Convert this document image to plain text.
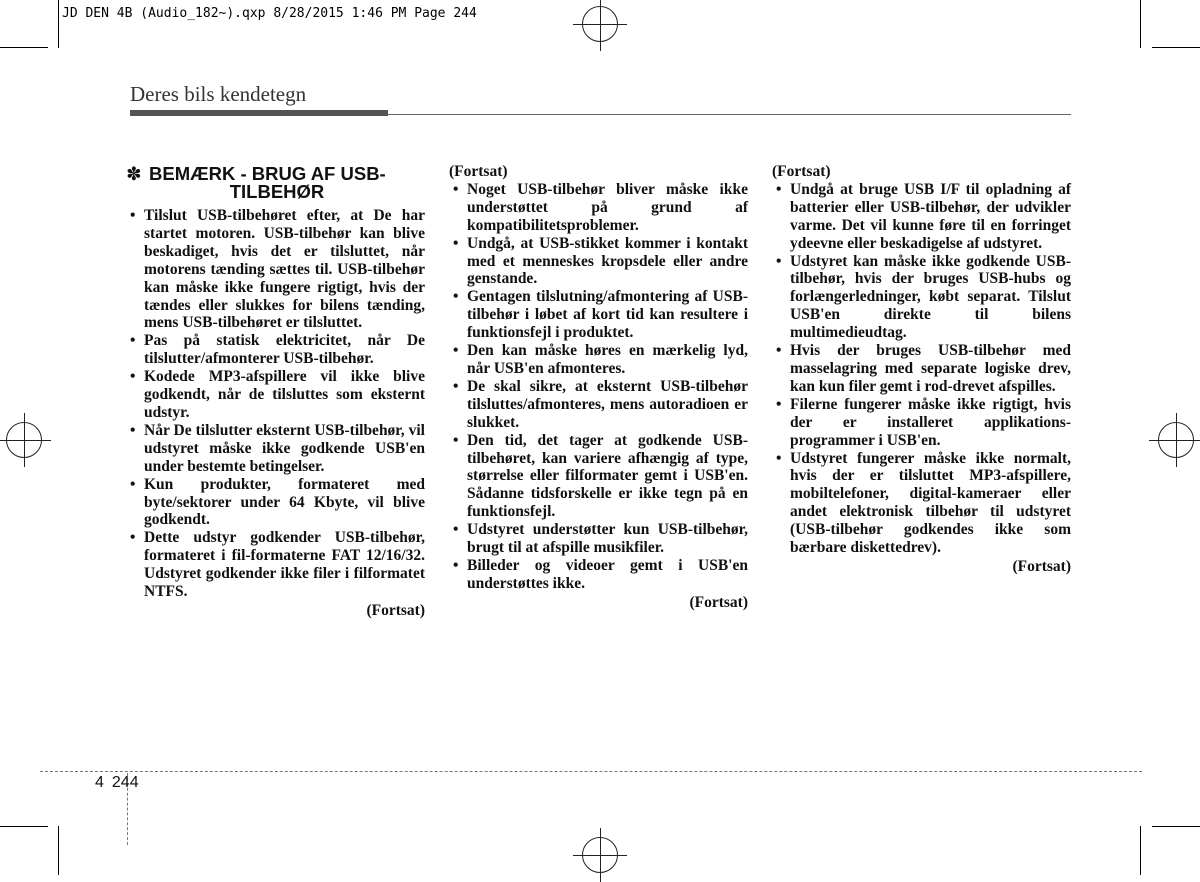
JD DEN 4B (Audio_182~).qxp 8/28/2015 1:46 PM Page 244
Deres bils kendetegn
✽ BEMÆRK - BRUG AF USB-
TILBEHØR
• Tilslut USB-tilbehøret efter, at De har startet motoren. USB-tilbehør kan blive beskadiget, hvis det er tilsluttet, når motorens tænding sættes til. USB-tilbehør kan måske ikke fungere rigtigt, hvis der tændes eller slukkes for bilens tænding, mens USB-tilbehøret er tilsluttet.
• Pas på statisk elektricitet, når De tilslutter/afmonterer USB-tilbehør.
• Kodede MP3-afspillere vil ikke blive godkendt, når de tilsluttes som eksternt udstyr.
• Når De tilslutter eksternt USB-tilbehør, vil udstyret måske ikke godkende USB'en under bestemte betingelser.
• Kun produkter, formateret med byte/sektorer under 64 Kbyte, vil blive godkendt.
• Dette udstyr godkender USB-tilbehør, formateret i fil-formaterne FAT 12/16/32. Udstyret godkender ikke filer i filformatet NTFS.
(Fortsat)
(Fortsat)
• Noget USB-tilbehør bliver måske ikke understøttet på grund af kompatibilitetsproblemer.
• Undgå, at USB-stikket kommer i kontakt med et menneskes kropsdele eller andre genstande.
• Gentagen tilslutning/afmontering af USB-tilbehør i løbet af kort tid kan resultere i funktionsfejl i produktet.
• Den kan måske høres en mærkelig lyd, når USB'en afmonteres.
• De skal sikre, at eksternt USB-tilbehør tilsluttes/afmonteres, mens autoradioen er slukket.
• Den tid, det tager at godkende USB-tilbehøret, kan variere afhængig af type, størrelse eller filformater gemt i USB'en. Sådanne tidsforskelle er ikke tegn på en funktionsfejl.
• Udstyret understøtter kun USB-tilbehør, brugt til at afspille musikfiler.
• Billeder og videoer gemt i USB'en understøttes ikke.
(Fortsat)
(Fortsat)
• Undgå at bruge USB I/F til opladning af batterier eller USB-tilbehør, der udvikler varme. Det vil kunne føre til en forringet ydeevne eller beskadigelse af udstyret.
• Udstyret kan måske ikke godkende USB-tilbehør, hvis der bruges USB-hubs og forlængerledninger, købt separat. Tilslut USB'en direkte til bilens multimedieudtag.
• Hvis der bruges USB-tilbehør med masselagring med separate logiske drev, kan kun filer gemt i rod-drevet afspilles.
• Filerne fungerer måske ikke rigtigt, hvis der er installeret applikations-programmer i USB'en.
• Udstyret fungerer måske ikke normalt, hvis der er tilsluttet MP3-afspillere, mobiltelefoner, digital-kameraer eller andet elektronisk tilbehør til udstyret (USB-tilbehør godkendes ikke som bærbare diskettedrev).
(Fortsat)
4 244
